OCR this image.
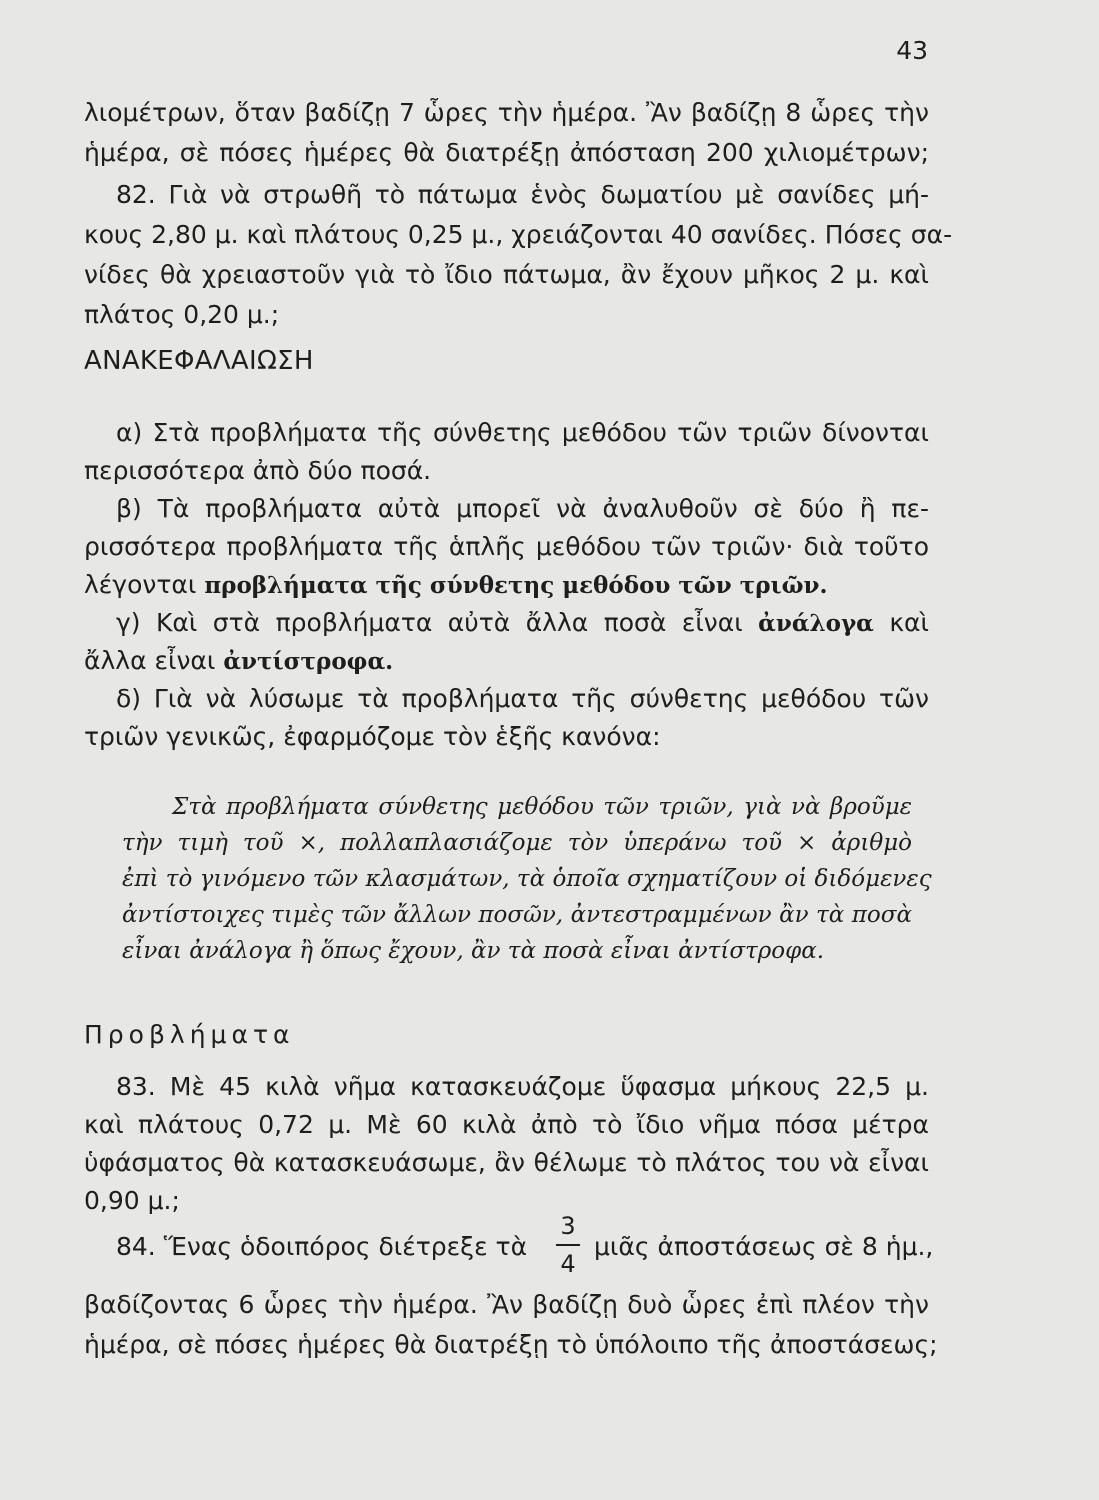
43
λιομέτρων, ὅταν βαδίζῃ 7 ὧρες τὴν ἡμέρα. Ἂν βαδίζῃ 8 ὧρες τὴν
ἡμέρα, σὲ πόσες ἡμέρες θὰ διατρέξῃ ἀπόσταση 200 χιλιομέτρων;
82. Γιὰ νὰ στρωθῆ τὸ πάτωμα ἑνὸς δωματίου μὲ σανίδες μή-
κους 2,80 μ. καὶ πλάτους 0,25 μ., χρειάζονται 40 σανίδες. Πόσες σα-
νίδες θὰ χρειαστοῦν γιὰ τὸ ἴδιο πάτωμα, ἂν ἔχουν μῆκος 2 μ. καὶ
πλάτος 0,20 μ.;
ΑΝΑΚΕΦΑΛΑΙΩΣΗ
α) Στὰ προβλήματα τῆς σύνθετης μεθόδου τῶν τριῶν δίνονται
περισσότερα ἀπὸ δύο ποσά.
β) Τὰ προβλήματα αὐτὰ μπορεῖ νὰ ἀναλυθοῦν σὲ δύο ἢ πε-
ρισσότερα προβλήματα τῆς ἁπλῆς μεθόδου τῶν τριῶν· διὰ τοῦτο
λέγονται προβλήματα τῆς σύνθετης μεθόδου τῶν τριῶν.
γ) Καὶ στὰ προβλήματα αὐτὰ ἄλλα ποσὰ εἶναι ἀνάλογα καὶ
ἄλλα εἶναι ἀντίστροφα.
δ) Γιὰ νὰ λύσωμε τὰ προβλήματα τῆς σύνθετης μεθόδου τῶν
τριῶν γενικῶς, ἐφαρμόζομε τὸν ἑξῆς κανόνα:
Στὰ προβλήματα σύνθετης μεθόδου τῶν τριῶν, γιὰ νὰ βροῦμε
τὴν τιμὴ τοῦ ×, πολλαπλασιάζομε τὸν ὑπεράνω τοῦ × ἀριθμὸ
ἐπὶ τὸ γινόμενο τῶν κλασμάτων, τὰ ὁποῖα σχηματίζουν οἱ διδόμενες
ἀντίστοιχες τιμὲς τῶν ἄλλων ποσῶν, ἀντεστραμμένων ἂν τὰ ποσὰ
εἶναι ἀνάλογα ἢ ὅπως ἔχουν, ἂν τὰ ποσὰ εἶναι ἀντίστροφα.
Προβλήματα
83. Μὲ 45 κιλὰ νῆμα κατασκευάζομε ὕφασμα μήκους 22,5 μ.
καὶ πλάτους 0,72 μ. Μὲ 60 κιλὰ ἀπὸ τὸ ἴδιο νῆμα πόσα μέτρα
ὑφάσματος θὰ κατασκευάσωμε, ἂν θέλωμε τὸ πλάτος του νὰ εἶναι
0,90 μ.;
84. Ἕνας ὁδοιπόρος διέτρεξε τὰ
3
4
μιᾶς ἀποστάσεως σὲ 8 ἡμ.,
βαδίζοντας 6 ὧρες τὴν ἡμέρα. Ἂν βαδίζῃ δυὸ ὧρες ἐπὶ πλέον τὴν
ἡμέρα, σὲ πόσες ἡμέρες θὰ διατρέξῃ τὸ ὑπόλοιπο τῆς ἀποστάσεως;
